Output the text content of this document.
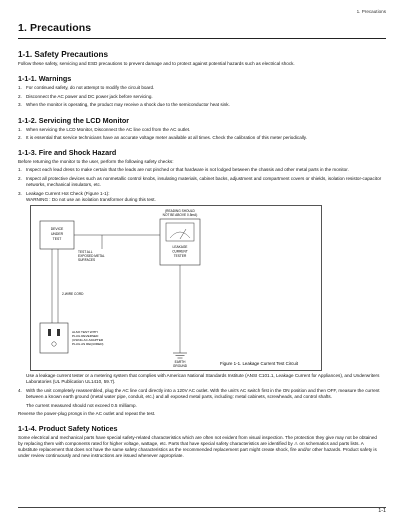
1. Precautions
1. Precautions
1-1. Safety Precautions

Follow these safety, servicing and ESD precautions to prevent damage and to protect against potential hazards such as electrical shock.

1-1-1. Warnings
1. For continued safety, do not attempt to modify the circuit board.
2. Disconnect the AC power and DC power jack before servicing.
3. When the monitor is operating, the product may receive a shock due to the semiconductor heat sink.
1-1-2. Servicing the LCD Monitor
1. When servicing the LCD Monitor, Disconnect the AC line cord from the AC outlet.
2. It is essential that service technicians have an accurate voltage meter available at all times. Check the calibration of this meter periodically.
1-1-3. Fire and Shock Hazard

Before returning the monitor to the user, perform the following safety checks:

1. Inspect each lead dress to make certain that the leads are not pinched or that hardware is not lodged between the chassis and other metal parts in the monitor.
2. Inspect all protective devices such as nonmetallic control knobs, insulating materials, cabinet backs, adjustment and compartment covers or shields, isolation resistor-capacitor networks, mechanical insulators, etc.
3. Leakage Current Hot Check (Figure 1-1):
WARNING : Do not use an isolation transformer during this test.
DEVICE
UNDER
TEST
TEST ALL
EXPOSED METAL
SURFACES
(READING SHOULD
NOT BE ABOVE 0.5mA)
LEAKAGE
CURRENT
TESTER
EARTH
GROUND
2-WIRE CORD
ALSO TEST WITH
PLUG REVERSED
(USING AC ADAPTER
PLUG AS REQUIRED)
Figure 1-1. Leakage Current Test Circuit
Use a leakage current tester or a metering system that complies with American National Standards Institute (ANSI C101.1, Leakage Current for Appliances), and Underwriters Laboratories (UL Publication UL1410, 59.7).
4. With the unit completely reassembled, plug the AC line cord directly into a 120V AC outlet. With the unit's AC switch first in the ON position and then OFF, measure the current between a known earth ground (metal water pipe, conduit, etc.) and all exposed metal parts, including: metal cabinets, screwheads, and control shafts.

The current measured should not exceed 0.5 milliamp.

Reverse the power-plug prongs in the AC outlet and repeat the test.

1-1-4. Product Safety Notices

Some electrical and mechanical parts have special safety-related characteristics which are often not evident from visual inspection. The protection they give may not be obtained by replacing them with components rated for higher voltage, wattage, etc. Parts that have special safety characteristics are identified by ⚠ on schematics and parts lists. A substitute replacement that does not have the same safety characteristics as the recommended replacement part might create shock, fire and/or other hazards. Product safety is under review continuously and new instructions are issued whenever appropriate.

1-1
